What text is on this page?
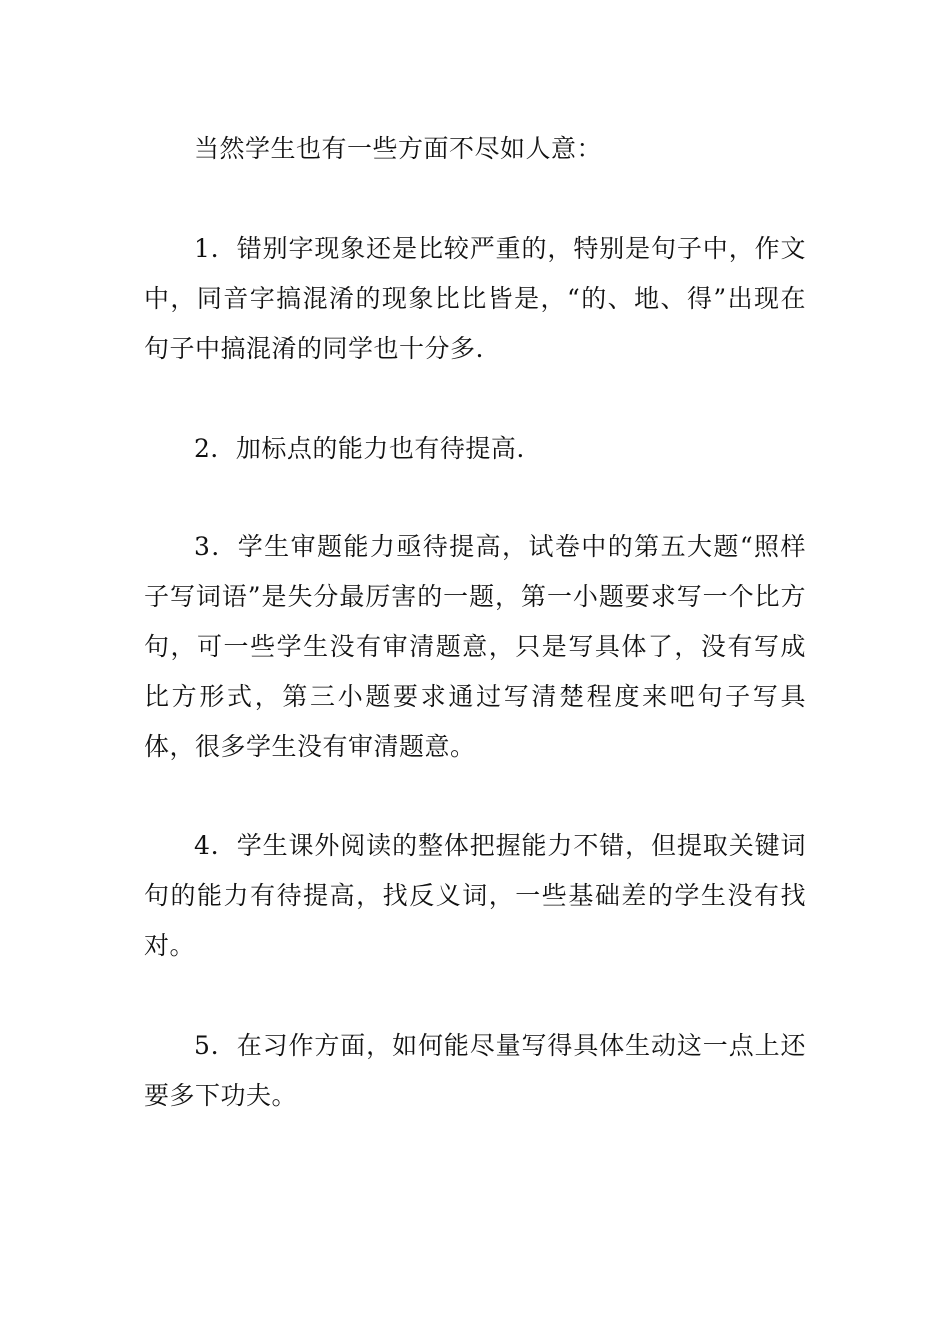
当然学生也有一些方面不尽如人意：

1．错别字现象还是比较严重的，特别是句子中，作文中，同音字搞混淆的现象比比皆是，“的、地、得”出现在句子中搞混淆的同学也十分多.

2．加标点的能力也有待提高.

3．学生审题能力亟待提高，试卷中的第五大题“照样子写词语”是失分最厉害的一题，第一小题要求写一个比方句，可一些学生没有审清题意，只是写具体了，没有写成比方形式，第三小题要求通过写清楚程度来吧句子写具体，很多学生没有审清题意。

4．学生课外阅读的整体把握能力不错，但提取关键词句的能力有待提高，找反义词，一些基础差的学生没有找对。

5．在习作方面，如何能尽量写得具体生动这一点上还要多下功夫。
